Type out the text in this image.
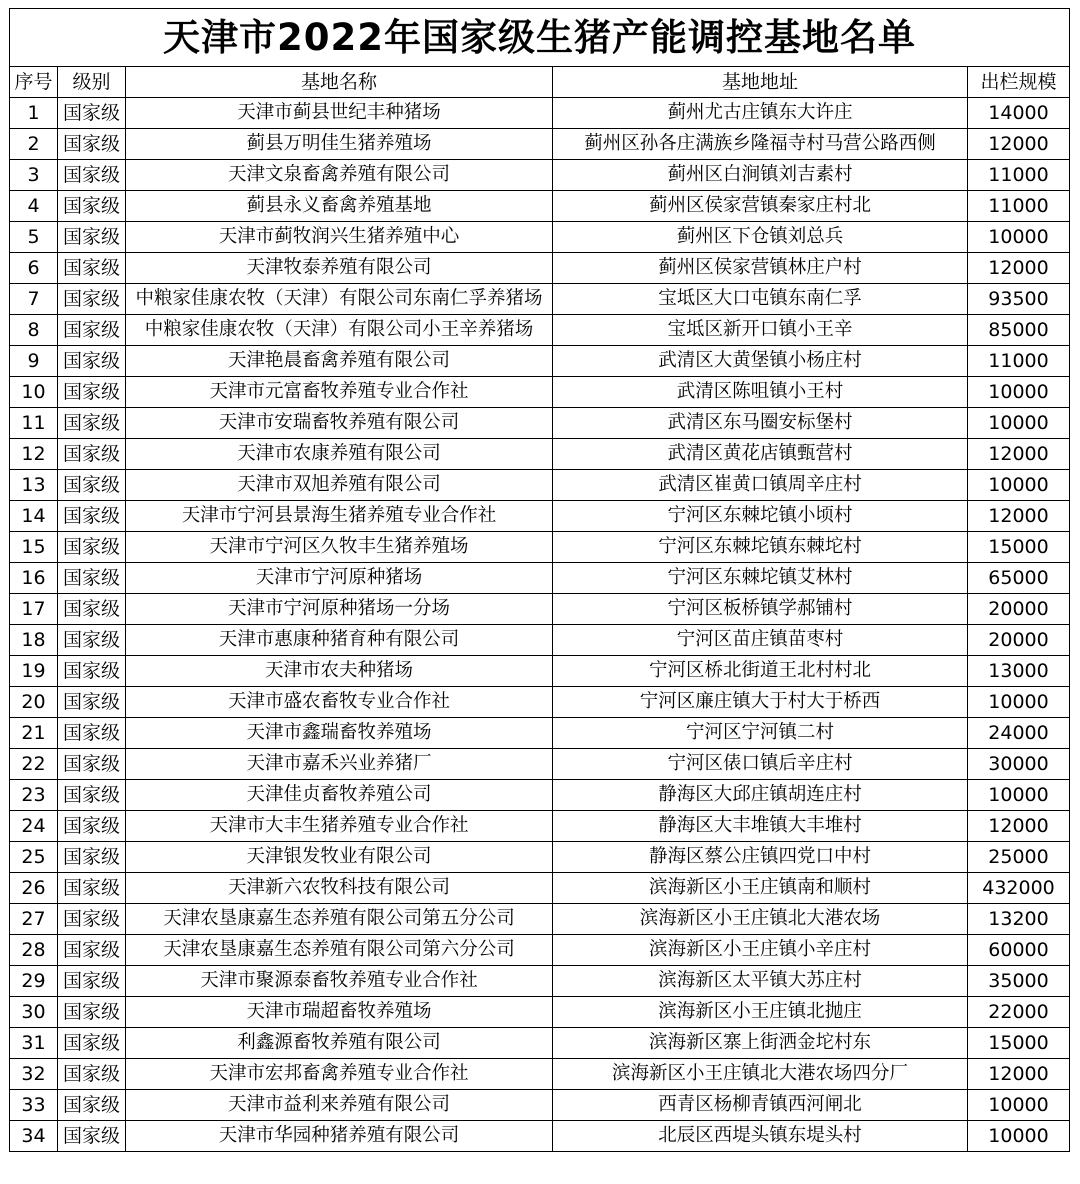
天津市2022年国家级生猪产能调控基地名单				
序号	级别	基地名称	基地地址	出栏规模
1	国家级	天津市蓟县世纪丰种猪场	蓟州尤古庄镇东大许庄	14000
2	国家级	蓟县万明佳生猪养殖场	蓟州区孙各庄满族乡隆福寺村马营公路西侧	12000
3	国家级	天津文泉畜禽养殖有限公司	蓟州区白涧镇刘吉素村	11000
4	国家级	蓟县永义畜禽养殖基地	蓟州区侯家营镇秦家庄村北	11000
5	国家级	天津市蓟牧润兴生猪养殖中心	蓟州区下仓镇刘总兵	10000
6	国家级	天津牧泰养殖有限公司	蓟州区侯家营镇林庄户村	12000
7	国家级	中粮家佳康农牧（天津）有限公司东南仁孚养猪场	宝坻区大口屯镇东南仁孚	93500
8	国家级	中粮家佳康农牧（天津）有限公司小王辛养猪场	宝坻区新开口镇小王辛	85000
9	国家级	天津艳晨畜禽养殖有限公司	武清区大黄堡镇小杨庄村	11000
10	国家级	天津市元富畜牧养殖专业合作社	武清区陈咀镇小王村	10000
11	国家级	天津市安瑞畜牧养殖有限公司	武清区东马圈安标堡村	10000
12	国家级	天津市农康养殖有限公司	武清区黄花店镇甄营村	12000
13	国家级	天津市双旭养殖有限公司	武清区崔黄口镇周辛庄村	10000
14	国家级	天津市宁河县景海生猪养殖专业合作社	宁河区东棘坨镇小顷村	12000
15	国家级	天津市宁河区久牧丰生猪养殖场	宁河区东棘坨镇东棘坨村	15000
16	国家级	天津市宁河原种猪场	宁河区东棘坨镇艾林村	65000
17	国家级	天津市宁河原种猪场一分场	宁河区板桥镇学郝铺村	20000
18	国家级	天津市惠康种猪育种有限公司	宁河区苗庄镇苗枣村	20000
19	国家级	天津市农夫种猪场	宁河区桥北街道王北村村北	13000
20	国家级	天津市盛农畜牧专业合作社	宁河区廉庄镇大于村大于桥西	10000
21	国家级	天津市鑫瑞畜牧养殖场	宁河区宁河镇二村	24000
22	国家级	天津市嘉禾兴业养猪厂	宁河区俵口镇后辛庄村	30000
23	国家级	天津佳贞畜牧养殖公司	静海区大邱庄镇胡连庄村	10000
24	国家级	天津市大丰生猪养殖专业合作社	静海区大丰堆镇大丰堆村	12000
25	国家级	天津银发牧业有限公司	静海区蔡公庄镇四党口中村	25000
26	国家级	天津新六农牧科技有限公司	滨海新区小王庄镇南和顺村	432000
27	国家级	天津农垦康嘉生态养殖有限公司第五分公司	滨海新区小王庄镇北大港农场	13200
28	国家级	天津农垦康嘉生态养殖有限公司第六分公司	滨海新区小王庄镇小辛庄村	60000
29	国家级	天津市聚源泰畜牧养殖专业合作社	滨海新区太平镇大苏庄村	35000
30	国家级	天津市瑞超畜牧养殖场	滨海新区小王庄镇北抛庄	22000
31	国家级	利鑫源畜牧养殖有限公司	滨海新区寨上街洒金坨村东	15000
32	国家级	天津市宏邦畜禽养殖专业合作社	滨海新区小王庄镇北大港农场四分厂	12000
33	国家级	天津市益利来养殖有限公司	西青区杨柳青镇西河闸北	10000
34	国家级	天津市华园种猪养殖有限公司	北辰区西堤头镇东堤头村	10000
